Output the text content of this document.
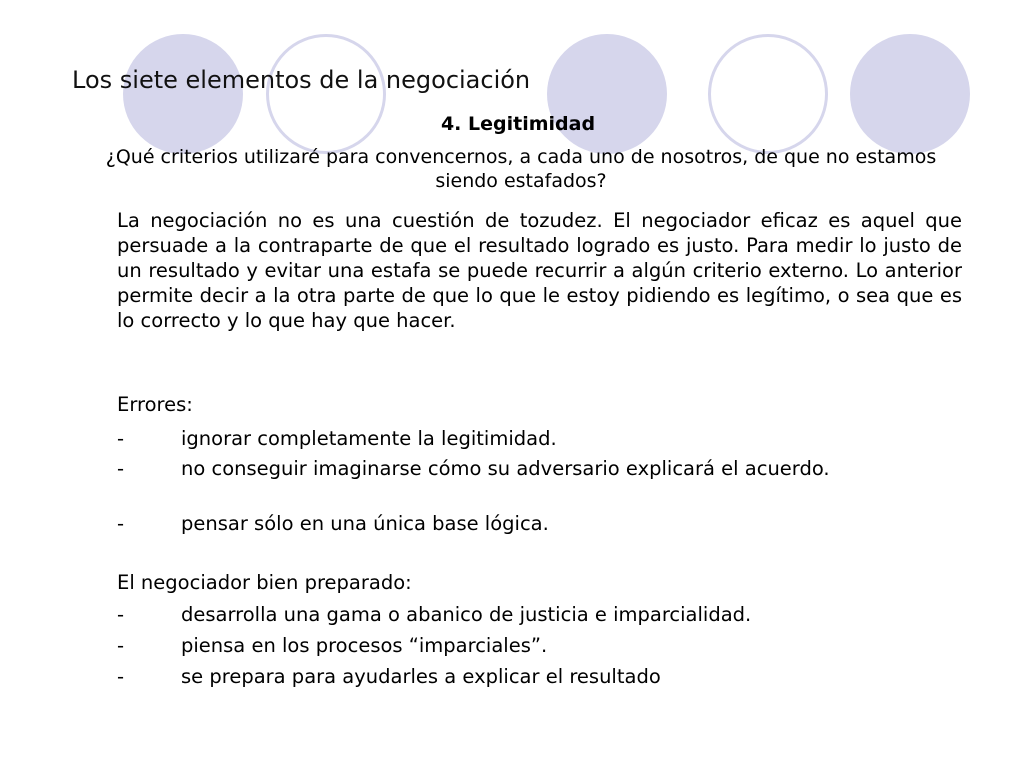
Los siete elementos de la negociación
4. Legitimidad
¿Qué criterios utilizaré para convencernos, a cada uno de nosotros, de que no estamos siendo estafados?
La negociación no es una cuestión de tozudez. El negociador eficaz es aquel que persuade a la contraparte de que el resultado logrado es justo. Para medir lo justo de un resultado y evitar una estafa se puede recurrir a algún criterio externo. Lo anterior permite decir a la otra parte de que lo que le estoy pidiendo es legítimo, o sea que es lo correcto y lo que hay que hacer.
Errores:
-	ignorar completamente la legitimidad.
-	no conseguir imaginarse cómo su adversario explicará el acuerdo.
-	pensar sólo en una única base lógica.
El negociador bien preparado:
-	desarrolla una gama o abanico de justicia e imparcialidad.
-	piensa en los procesos “imparciales”.
-	se prepara para ayudarles a explicar el resultado
